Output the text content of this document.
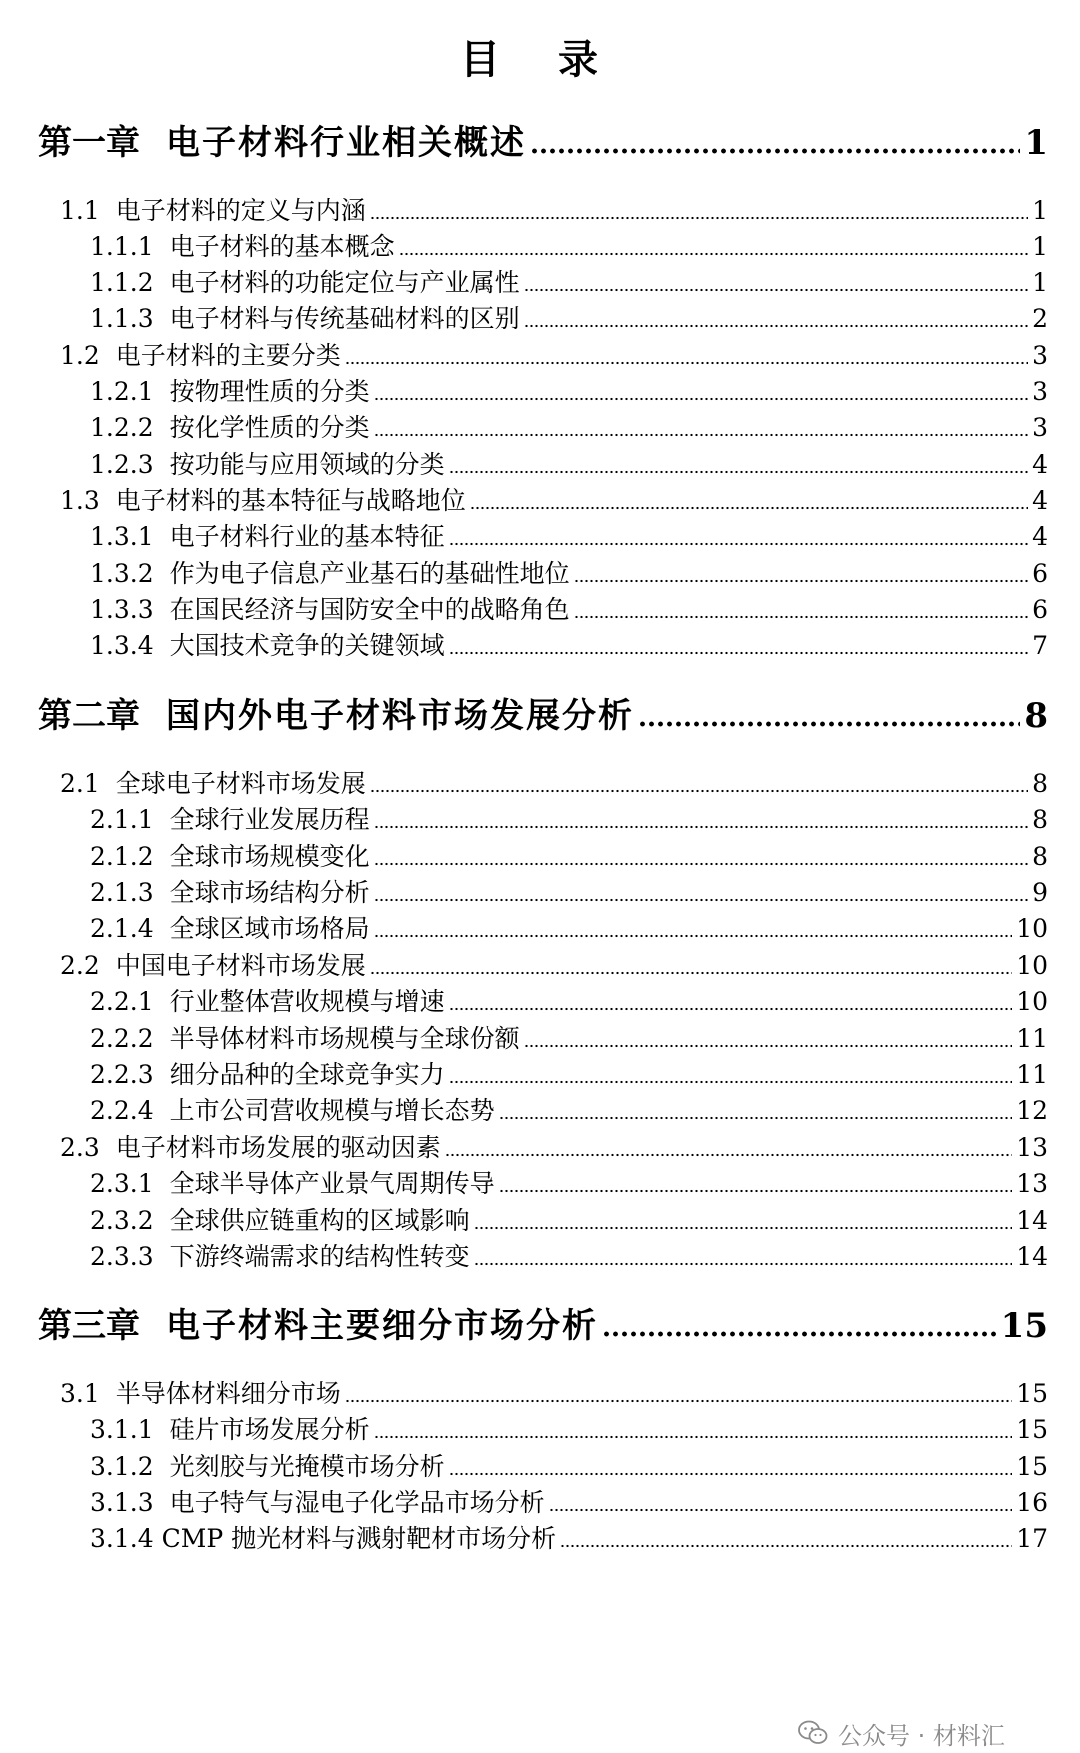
目 录
第一章 电子材料行业相关概述	1
1.1 电子材料的定义与内涵	1
1.1.1 电子材料的基本概念	1
1.1.2 电子材料的功能定位与产业属性	1
1.1.3 电子材料与传统基础材料的区别	2
1.2 电子材料的主要分类	3
1.2.1 按物理性质的分类	3
1.2.2 按化学性质的分类	3
1.2.3 按功能与应用领域的分类	4
1.3 电子材料的基本特征与战略地位	4
1.3.1 电子材料行业的基本特征	4
1.3.2 作为电子信息产业基石的基础性地位	6
1.3.3 在国民经济与国防安全中的战略角色	6
1.3.4 大国技术竞争的关键领域	7
第二章 国内外电子材料市场发展分析	8
2.1 全球电子材料市场发展	8
2.1.1 全球行业发展历程	8
2.1.2 全球市场规模变化	8
2.1.3 全球市场结构分析	9
2.1.4 全球区域市场格局	10
2.2 中国电子材料市场发展	10
2.2.1 行业整体营收规模与增速	10
2.2.2 半导体材料市场规模与全球份额	11
2.2.3 细分品种的全球竞争实力	11
2.2.4 上市公司营收规模与增长态势	12
2.3 电子材料市场发展的驱动因素	13
2.3.1 全球半导体产业景气周期传导	13
2.3.2 全球供应链重构的区域影响	14
2.3.3 下游终端需求的结构性转变	14
第三章 电子材料主要细分市场分析	15
3.1 半导体材料细分市场	15
3.1.1 硅片市场发展分析	15
3.1.2 光刻胶与光掩模市场分析	15
3.1.3 电子特气与湿电子化学品市场分析	16
3.1.4 CMP 抛光材料与溅射靶材市场分析	17
公众号 · 材料汇
